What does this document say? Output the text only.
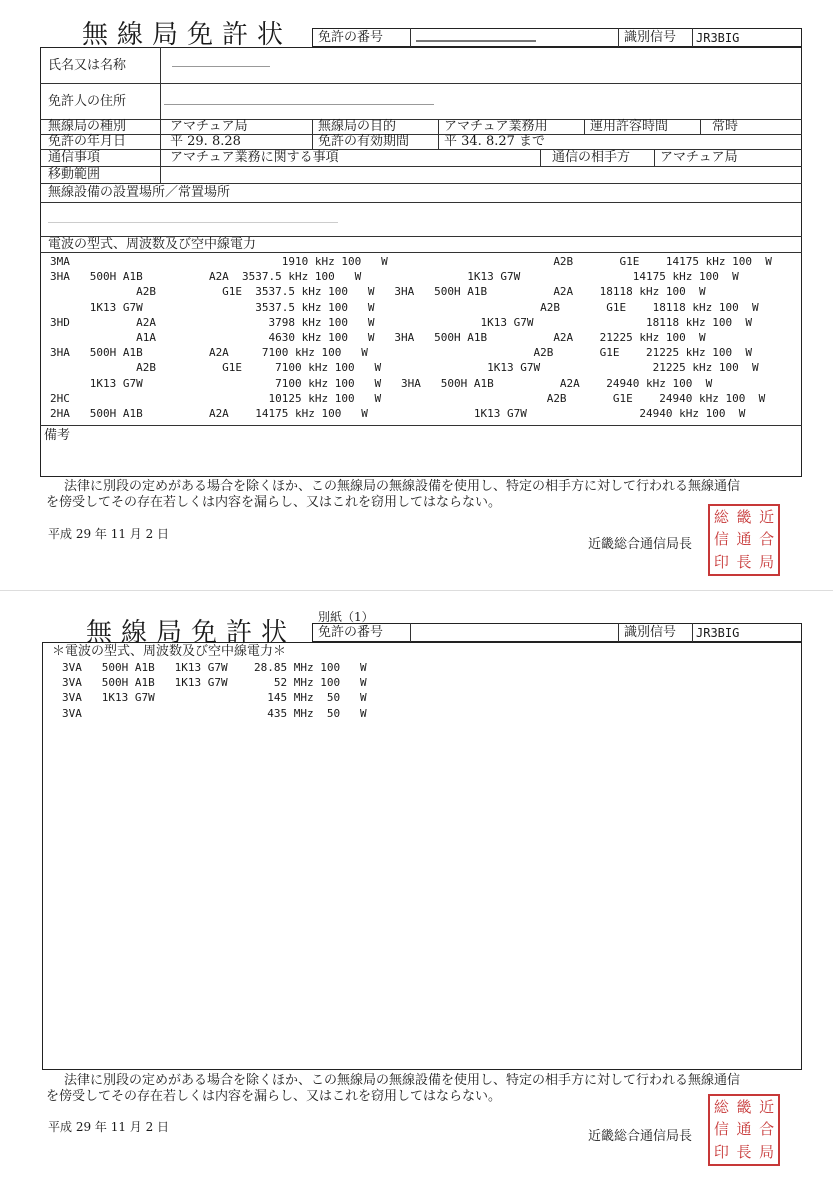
無線局免許状 免許の番号	識別信号 JR3BIG
氏名又は名称
免許人の住所
無線局の種別	アマチュア局	無線局の目的	アマチュア業務用	運用許容時間	常時
免許の年月日	平 29. 8.28	免許の有効期間	平 34. 8.27 まで
通信事項	アマチュア業務に関する事項	通信の相手方 アマチュア局
移動範囲
無線設備の設置場所／常置場所
電波の型式、周波数及び空中線電力
3MA                                1910 kHz 100   W                         A2B       G1E    14175 kHz 100  W
3HA   500H A1B          A2A  3537.5 kHz 100   W                1K13 G7W                 14175 kHz 100  W
A2B          G1E  3537.5 kHz 100   W   3HA   500H A1B          A2A    18118 kHz 100  W
1K13 G7W                 3537.5 kHz 100   W                         A2B       G1E    18118 kHz 100  W
3HD          A2A                 3798 kHz 100   W                1K13 G7W                 18118 kHz 100  W
A1A                 4630 kHz 100   W   3HA   500H A1B          A2A    21225 kHz 100  W
3HA   500H A1B          A2A     7100 kHz 100   W                         A2B       G1E    21225 kHz 100  W
A2B          G1E     7100 kHz 100   W                1K13 G7W                 21225 kHz 100  W
1K13 G7W                    7100 kHz 100   W   3HA   500H A1B          A2A    24940 kHz 100  W
2HC                              10125 kHz 100   W                         A2B       G1E    24940 kHz 100  W
2HA   500H A1B          A2A    14175 kHz 100   W                1K13 G7W                 24940 kHz 100  W
備考
法律に別段の定めがある場合を除くほか、この無線局の無線設備を使用し、特定の相手方に対して行われる無線通信
を傍受してその存在若しくは内容を漏らし、又はこれを窃用してはならない。
平成 29 年 11 月 2 日
近畿総合通信局長
総 畿 近
信 通 合
印 長 局
無線局免許状
別紙（1）
免許の番号	識別信号 JR3BIG
＊電波の型式、周波数及び空中線電力＊
3VA   500H A1B   1K13 G7W    28.85 MHz 100   W
3VA   500H A1B   1K13 G7W       52 MHz 100   W
3VA   1K13 G7W                 145 MHz  50   W
3VA                            435 MHz  50   W
法律に別段の定めがある場合を除くほか、この無線局の無線設備を使用し、特定の相手方に対して行われる無線通信
を傍受してその存在若しくは内容を漏らし、又はこれを窃用してはならない。
平成 29 年 11 月 2 日
近畿総合通信局長
総 畿 近
信 通 合
印 長 局
